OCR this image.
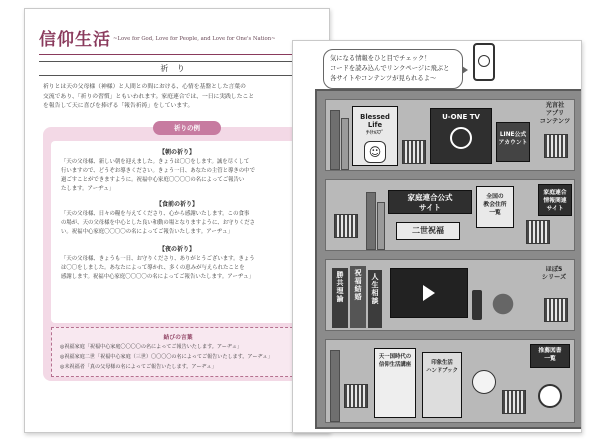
信仰生活 ~Love for God, Love for People, and Love for One's Nation~
祈 り
祈りとは天の父母様（神様）と人間との間における、心情を基盤とした言葉の
交流であり、「祈りの習慣」ともいわれます。家庭連合では、一日に実践したこと
を報告して天に喜びを捧げる「報告祈祷」をしています。
祈りの例
【朝の祈り】
「天の父母様、新しい朝を迎えました。きょうは〇〇をします。誠を尽くして
行いますので、どうぞお導きください。きょう一日、あなたの主管と導きの中で
過ごすことができますように。祝福中心家庭〇〇〇〇の名によってご報告い
たします。アーヂュ」
【食前の祈り】
「天の父母様、日々の糧を与えてくださり、心から感謝いたします。この食事
の場が、天の父母様を中心とした良い和動の場となりますように、お守りくださ
い。祝福中心家庭〇〇〇〇の名によってご報告いたします。アーヂュ」
【夜の祈り】
「天の父母様、きょうも一日、お守りくださり、ありがとうございます。きょう
は〇〇をしました。あなたによって導かれ、多くの恵みが与えられたことを
感謝します。祝福中心家庭〇〇〇〇の名によってご報告いたします。アーヂュ」
結びの言葉
◎祝福家庭「祝福中心家庭〇〇〇〇の名によってご報告いたします。アーヂュ」
◎祝福家庭二世「祝福中心家庭（三世）〇〇〇〇の名によってご報告いたします。アーヂュ」
◎未祝福者「真の父母様の名によってご報告いたします。アーヂュ」
気になる情報をひと目でチェック！
コードを読み込んでリンクページに飛ぶと
各サイトやコンテンツが見られるよ～
Blessed Life
ｻｲｹﾙｽﾌﾞ
☺
U-ONE TV
LINE公式
アカウント
光言社
アプリ
コンテンツ
家庭連合公式
サイト
二世祝福
全国の
教会住所
一覧
家庭連合
情報関連
サイト
勝共理論 祝福結婚 人生相談
ほぼ5
シリーズ
天一国時代の
信仰生活講座	印象生活
ハンドブック
推薦図書
一覧
